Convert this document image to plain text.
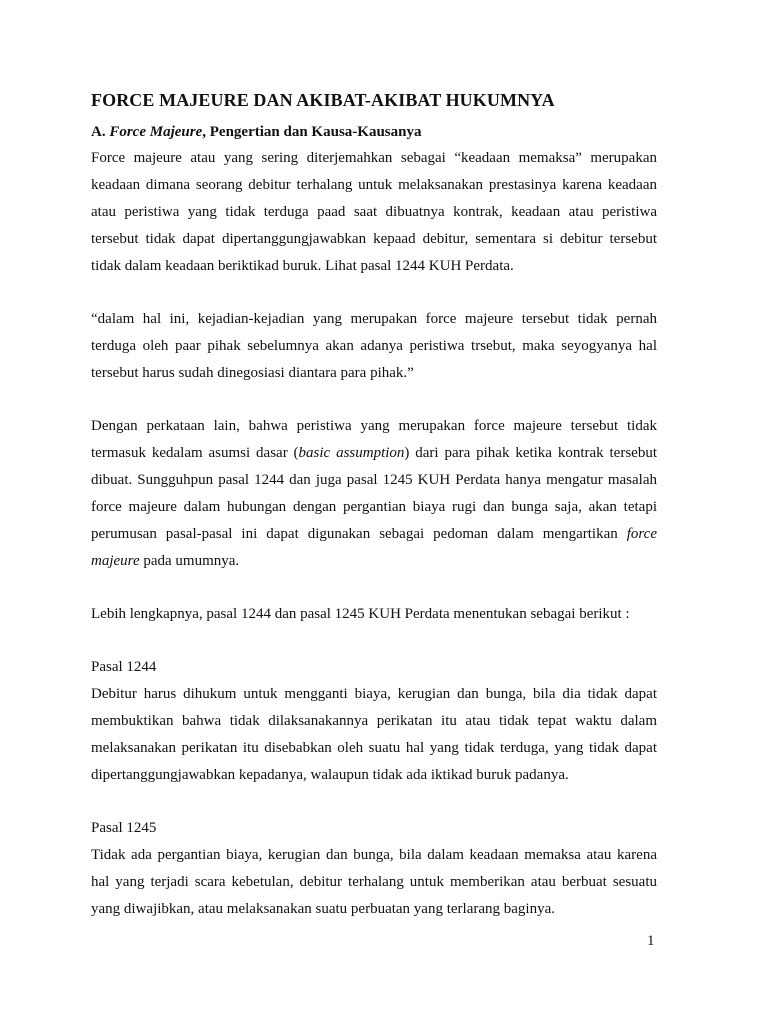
FORCE MAJEURE DAN AKIBAT-AKIBAT HUKUMNYA
A. Force Majeure, Pengertian dan Kausa-Kausanya

Force majeure atau yang sering diterjemahkan sebagai “keadaan memaksa” merupakan keadaan dimana seorang debitur terhalang untuk melaksanakan prestasinya karena keadaan atau peristiwa yang tidak terduga paad saat dibuatnya kontrak, keadaan atau peristiwa tersebut tidak dapat dipertanggungjawabkan kepaad debitur, sementara si debitur tersebut tidak dalam keadaan beriktikad buruk. Lihat pasal 1244 KUH Perdata.

“dalam hal ini, kejadian-kejadian yang merupakan force majeure tersebut tidak pernah terduga oleh paar pihak sebelumnya akan adanya peristiwa trsebut, maka seyogyanya hal tersebut harus sudah dinegosiasi diantara para pihak.”

Dengan perkataan lain, bahwa peristiwa yang merupakan force majeure tersebut tidak termasuk kedalam asumsi dasar (basic assumption) dari para pihak ketika kontrak tersebut dibuat. Sungguhpun pasal 1244 dan juga pasal 1245 KUH Perdata hanya mengatur masalah force majeure dalam hubungan dengan pergantian biaya rugi dan bunga saja, akan tetapi perumusan pasal-pasal ini dapat digunakan sebagai pedoman dalam mengartikan force majeure pada umumnya.

Lebih lengkapnya, pasal 1244 dan pasal 1245 KUH Perdata menentukan sebagai berikut :

Pasal 1244

Debitur harus dihukum untuk mengganti biaya, kerugian dan bunga, bila dia tidak dapat membuktikan bahwa tidak dilaksanakannya perikatan itu atau tidak tepat waktu dalam melaksanakan perikatan itu disebabkan oleh suatu hal yang tidak terduga, yang tidak dapat dipertanggungjawabkan kepadanya, walaupun tidak ada iktikad buruk padanya.

Pasal 1245

Tidak ada pergantian biaya, kerugian dan bunga, bila dalam keadaan memaksa atau karena hal yang terjadi scara kebetulan, debitur terhalang untuk memberikan atau berbuat sesuatu yang diwajibkan, atau melaksanakan suatu perbuatan yang terlarang baginya.

1
